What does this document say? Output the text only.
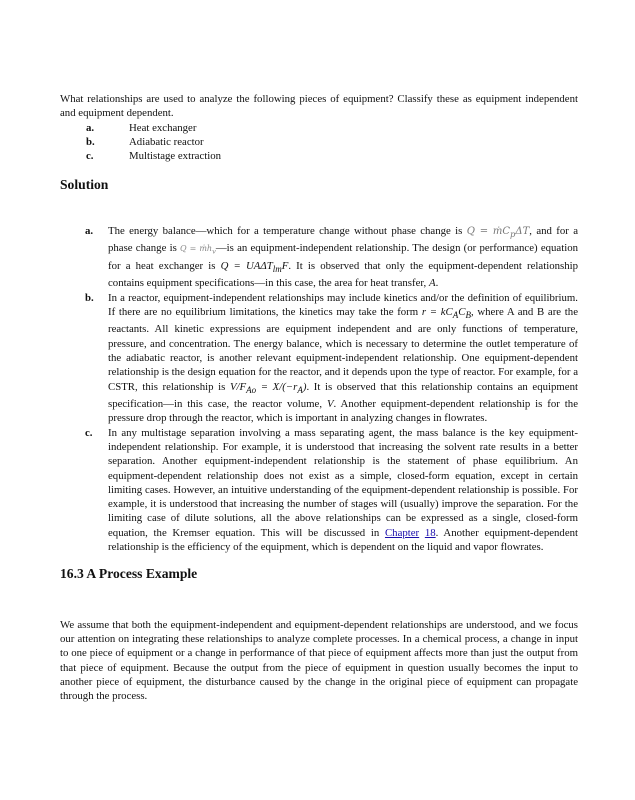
What relationships are used to analyze the following pieces of equipment? Classify these as equipment independent and equipment dependent.

a.	Heat exchanger
b.	Adiabatic reactor
c.	Multistage extraction
Solution
a. The energy balance—which for a temperature change without phase change is Q = ṁC$_p$ΔT, and for a phase change is Q = ṁh$_v$—is an equipment-independent relationship. The design (or performance) equation for a heat exchanger is $Q = UA\Delta T_{lm}F$. It is observed that only the equipment-dependent relationship contains equipment specifications—in this case, the area for heat transfer, A.
b. In a reactor, equipment-independent relationships may include kinetics and/or the definition of equilibrium. If there are no equilibrium limitations, the kinetics may take the form $r = kC_AC_B$, where A and B are the reactants. All kinetic expressions are equipment independent and are only functions of temperature, pressure, and concentration. The energy balance, which is necessary to determine the outlet temperature of the adiabatic reactor, is another relevant equipment-independent relationship. One equipment-dependent relationship is the design equation for the reactor, and it depends upon the type of reactor. For example, for a CSTR, this relationship is $V/F_{Ao} = X/(-r_A)$. It is observed that this relationship contains an equipment specification—in this case, the reactor volume, V. Another equipment-dependent relationship is for the pressure drop through the reactor, which is important in analyzing changes in flowrates.
c. In any multistage separation involving a mass separating agent, the mass balance is the key equipment-independent relationship. For example, it is understood that increasing the solvent rate results in a better separation. Another equipment-independent relationship is the statement of phase equilibrium. An equipment-dependent relationship does not exist as a simple, closed-form equation, except in certain limiting cases. However, an intuitive understanding of the equipment-dependent relationship is possible. For example, it is understood that increasing the number of stages will (usually) improve the separation. For the limiting case of dilute solutions, all the above relationships can be expressed as a single, closed-form equation, the Kremser equation. This will be discussed in Chapter 18. Another equipment-dependent relationship is the efficiency of the equipment, which is dependent on the liquid and vapor flowrates.
16.3 A Process Example

We assume that both the equipment-independent and equipment-dependent relationships are understood, and we focus our attention on integrating these relationships to analyze complete processes. In a chemical process, a change in input to one piece of equipment or a change in performance of that piece of equipment affects more than just the output from that piece of equipment. Because the output from the piece of equipment in question usually becomes the input to another piece of equipment, the disturbance caused by the change in the original piece of equipment can propagate through the process.
